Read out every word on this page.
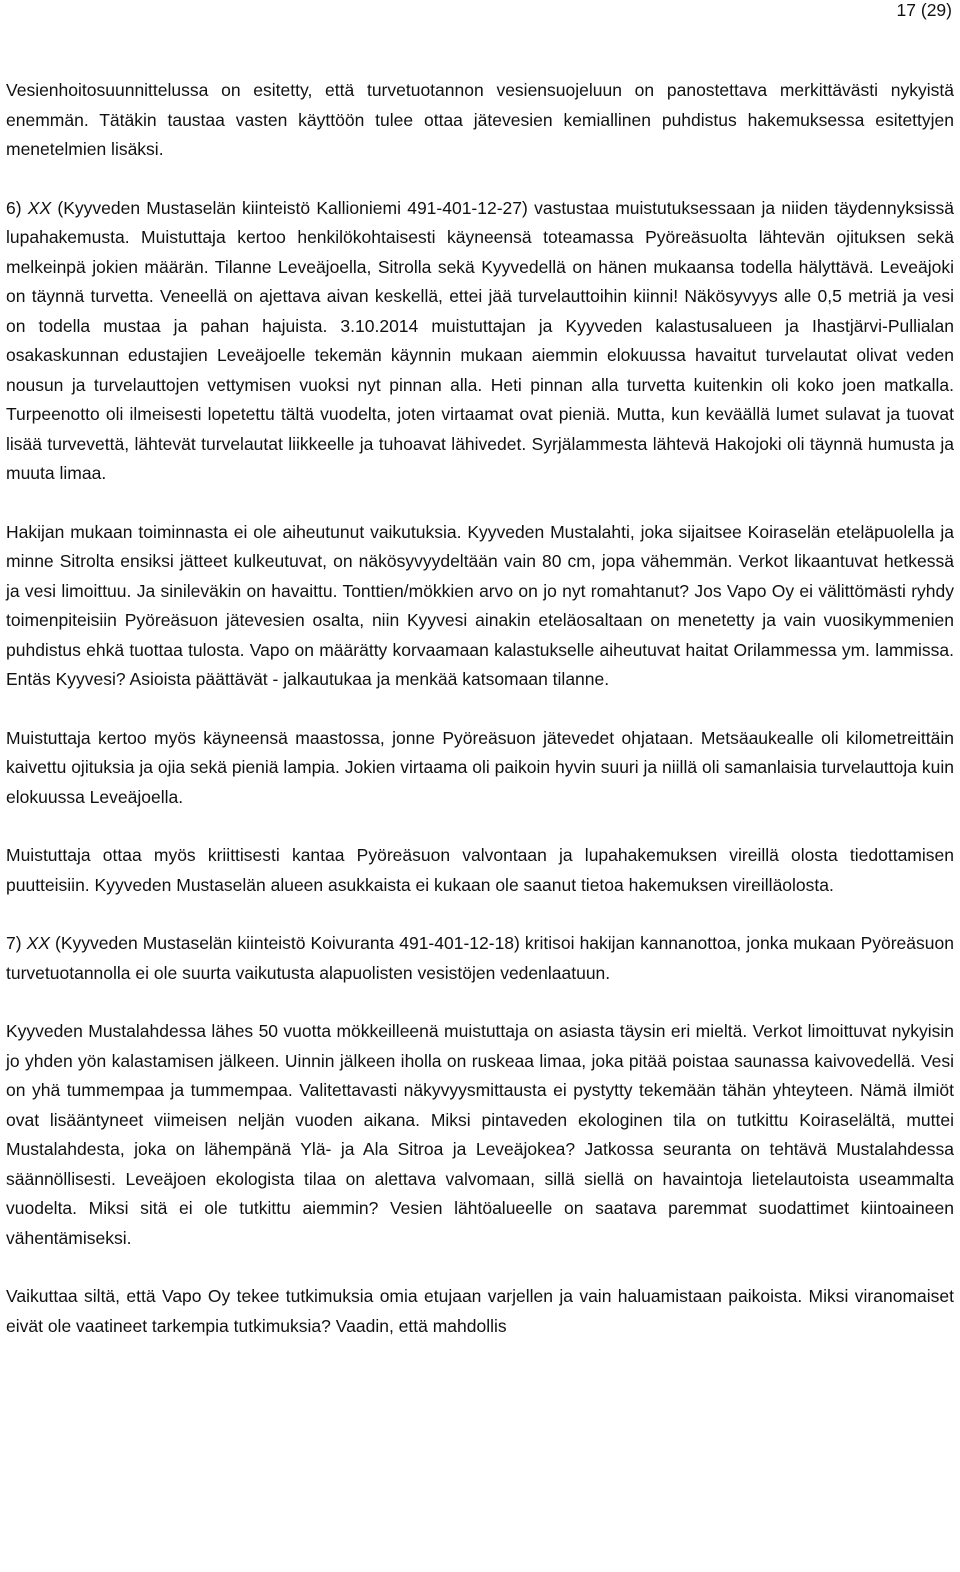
17 (29)

Vesienhoitosuunnittelussa on esitetty, että turvetuotannon vesiensuojeluun on panostettava merkittävästi nykyistä enemmän. Tätäkin taustaa vasten käyttöön tulee ottaa jätevesien kemiallinen puhdistus hakemuksessa esitettyjen menetelmien lisäksi.

6) XX (Kyyveden Mustaselän kiinteistö Kallioniemi 491-401-12-27) vastustaa muistutuksessaan ja niiden täydennyksissä lupahakemusta. Muistuttaja kertoo henkilökohtaisesti käyneensä toteamassa Pyöreäsuolta lähtevän ojituksen sekä melkeinpä jokien määrän. Tilanne Leveäjoella, Sitrolla sekä Kyyvedellä on hänen mukaansa todella hälyttävä. Leveäjoki on täynnä turvetta. Veneellä on ajettava aivan keskellä, ettei jää turvelauttoihin kiinni! Näkösyvyys alle 0,5 metriä ja vesi on todella mustaa ja pahan hajuista. 3.10.2014 muistuttajan ja Kyyveden kalastusalueen ja Ihastjärvi-Pullialan osakaskunnan edustajien Leveäjoelle tekemän käynnin mukaan aiemmin elokuussa havaitut turvelautat olivat veden nousun ja turvelauttojen vettymisen vuoksi nyt pinnan alla. Heti pinnan alla turvetta kuitenkin oli koko joen matkalla. Turpeenotto oli ilmeisesti lopetettu tältä vuodelta, joten virtaamat ovat pieniä. Mutta, kun keväällä lumet sulavat ja tuovat lisää turvevettä, lähtevät turvelautat liikkeelle ja tuhoavat lähivedet. Syrjälammesta lähtevä Hakojoki oli täynnä humusta ja muuta limaa.

Hakijan mukaan toiminnasta ei ole aiheutunut vaikutuksia. Kyyveden Mustalahti, joka sijaitsee Koiraselän eteläpuolella ja minne Sitrolta ensiksi jätteet kulkeutuvat, on näkösyvyydeltään vain 80 cm, jopa vähemmän. Verkot likaantuvat hetkessä ja vesi limoittuu. Ja sinileväkin on havaittu. Tonttien/mökkien arvo on jo nyt romahtanut? Jos Vapo Oy ei välittömästi ryhdy toimenpiteisiin Pyöreäsuon jätevesien osalta, niin Kyyvesi ainakin eteläosaltaan on menetetty ja vain vuosikymmenien puhdistus ehkä tuottaa tulosta. Vapo on määrätty korvaamaan kalastukselle aiheutuvat haitat Orilammessa ym. lammissa. Entäs Kyyvesi? Asioista päättävät - jalkautukaa ja menkää katsomaan tilanne.

Muistuttaja kertoo myös käyneensä maastossa, jonne Pyöreäsuon jätevedet ohjataan. Metsäaukealle oli kilometreittäin kaivettu ojituksia ja ojia sekä pieniä lampia. Jokien virtaama oli paikoin hyvin suuri ja niillä oli samanlaisia turvelauttoja kuin elokuussa Leveäjoella.

Muistuttaja ottaa myös kriittisesti kantaa Pyöreäsuon valvontaan ja lupahakemuksen vireillä olosta tiedottamisen puutteisiin. Kyyveden Mustaselän alueen asukkaista ei kukaan ole saanut tietoa hakemuksen vireilläolosta.

7) XX (Kyyveden Mustaselän kiinteistö Koivuranta 491-401-12-18) kritisoi hakijan kannanottoa, jonka mukaan Pyöreäsuon turvetuotannolla ei ole suurta vaikutusta alapuolisten vesistöjen vedenlaatuun.

Kyyveden Mustalahdessa lähes 50 vuotta mökkeilleenä muistuttaja on asiasta täysin eri mieltä. Verkot limoittuvat nykyisin jo yhden yön kalastamisen jälkeen. Uinnin jälkeen iholla on ruskeaa limaa, joka pitää poistaa saunassa kaivovedellä. Vesi on yhä tummempaa ja tummempaa. Valitettavasti näkyvyysmittausta ei pystytty tekemään tähän yhteyteen. Nämä ilmiöt ovat lisääntyneet viimeisen neljän vuoden aikana. Miksi pintaveden ekologinen tila on tutkittu Koiraselältä, muttei Mustalahdesta, joka on lähempänä Ylä- ja Ala Sitroa ja Leveäjokea? Jatkossa seuranta on tehtävä Mustalahdessa säännöllisesti. Leveäjoen ekologista tilaa on alettava valvomaan, sillä siellä on havaintoja lietelautoista useammalta vuodelta. Miksi sitä ei ole tutkittu aiemmin? Vesien lähtöalueelle on saatava paremmat suodattimet kiintoaineen vähentämiseksi.

Vaikuttaa siltä, että Vapo Oy tekee tutkimuksia omia etujaan varjellen ja vain haluamistaan paikoista. Miksi viranomaiset eivät ole vaatineet tarkempia tutkimuksia? Vaadin, että mahdollis
